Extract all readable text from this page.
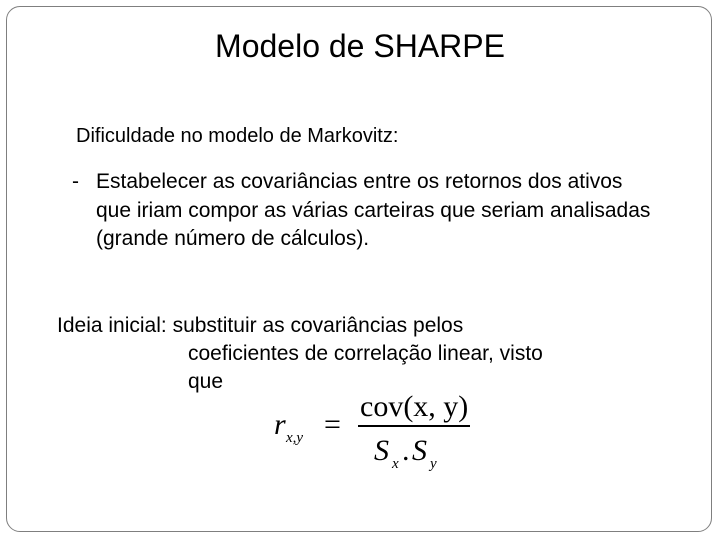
Modelo de SHARPE

Dificuldade no modelo de Markovitz:

- Estabelecer as covariâncias entre os retornos dos ativos que iriam compor as várias carteiras que seriam analisadas (grande número de cálculos).
Ideia inicial: substituir as covariâncias pelos
coeficientes de correlação linear, visto
que
r x,y =
cov(x, y)
S x . S y
